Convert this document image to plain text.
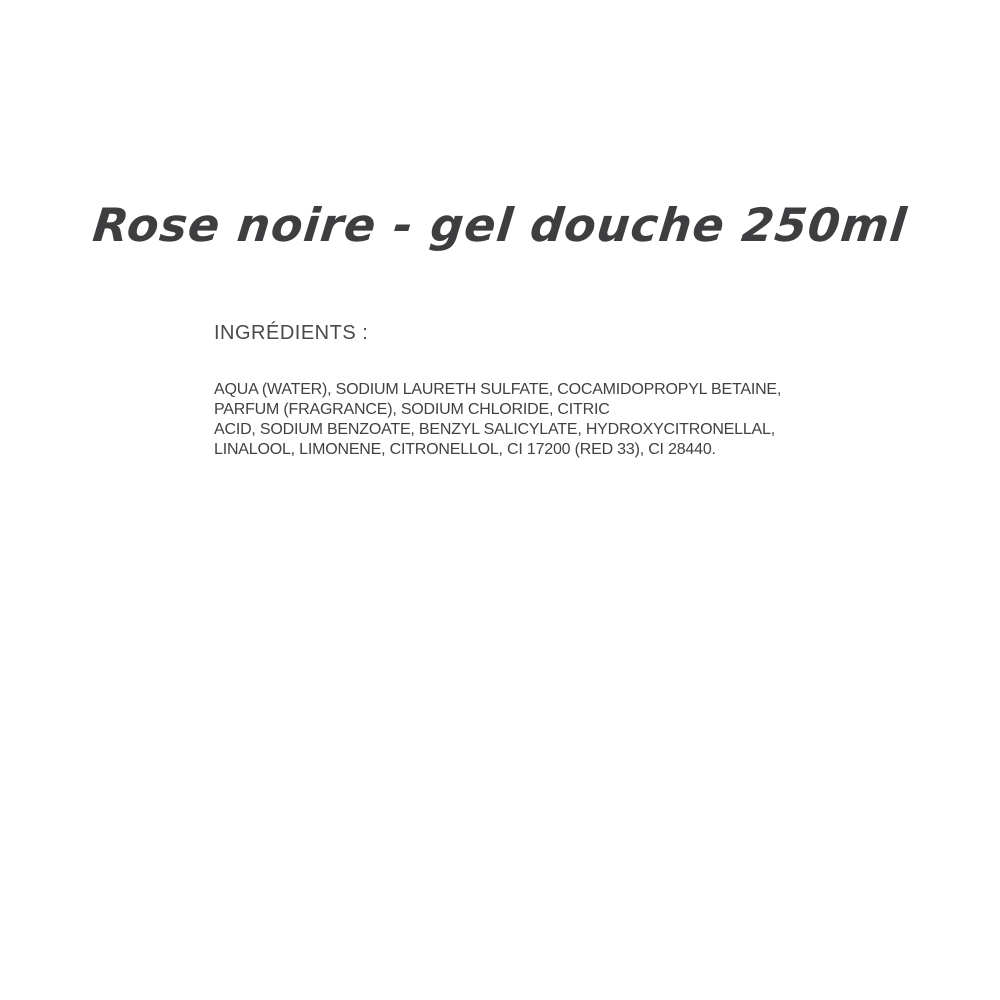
Rose noire - gel douche 250ml
INGRÉDIENTS :

AQUA (WATER), SODIUM LAURETH SULFATE, COCAMIDOPROPYL BETAINE,
PARFUM (FRAGRANCE), SODIUM CHLORIDE, CITRIC
ACID, SODIUM BENZOATE, BENZYL SALICYLATE, HYDROXYCITRONELLAL,
LINALOOL, LIMONENE, CITRONELLOL, CI 17200 (RED 33), CI 28440.
